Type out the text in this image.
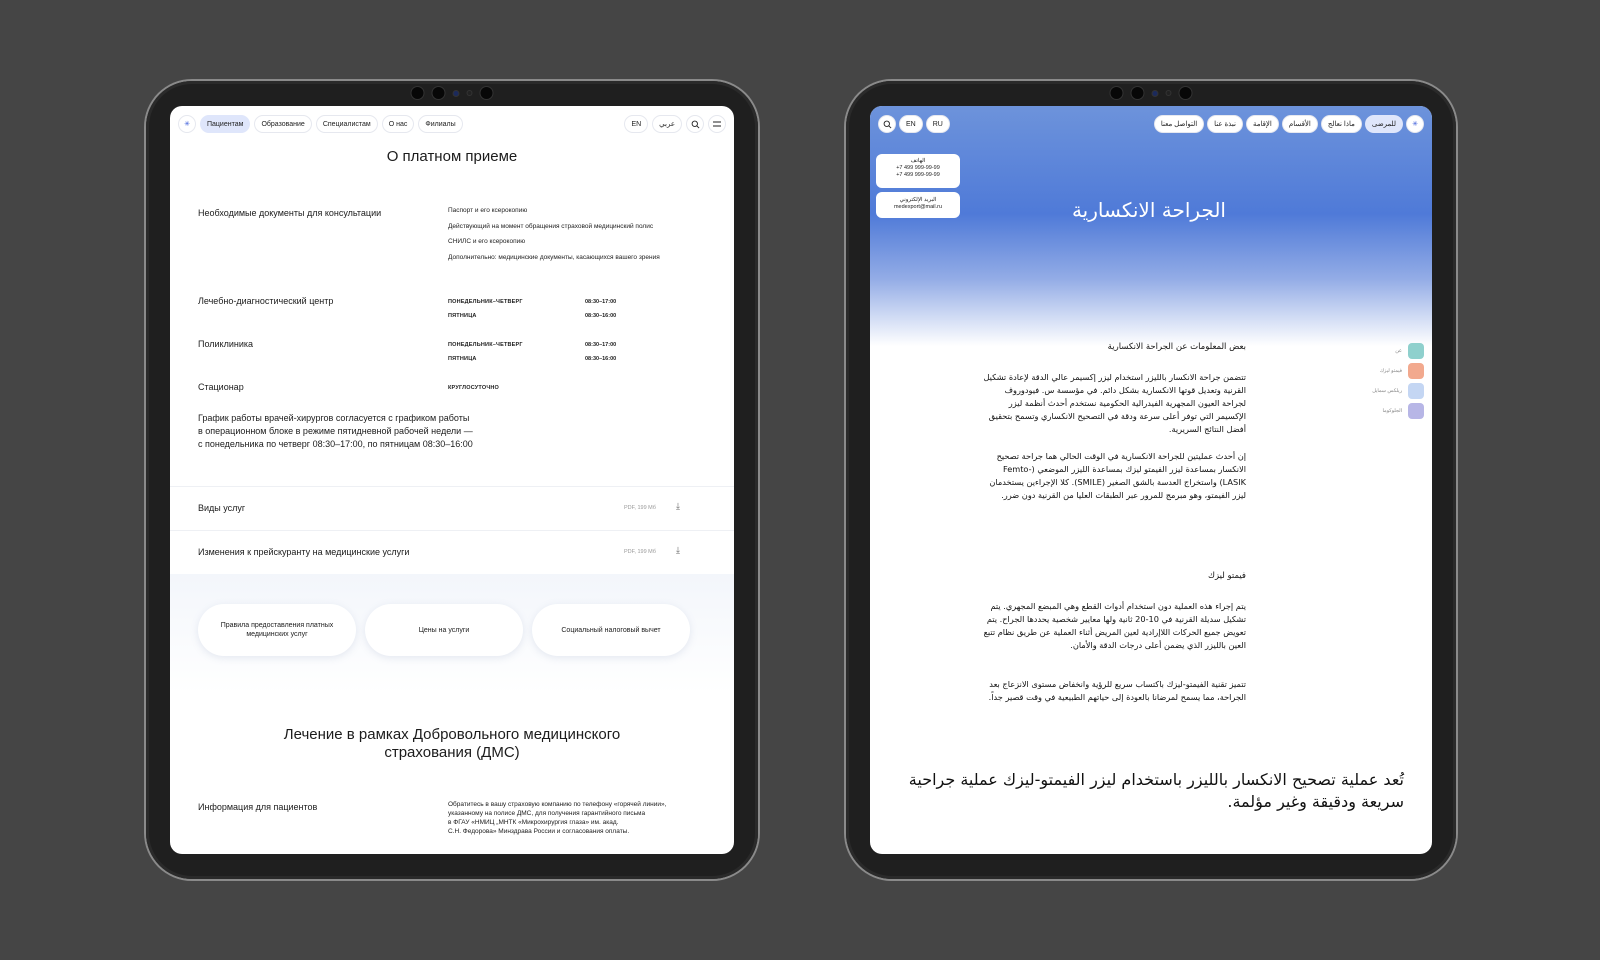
✳	Пациентам	Образование	Специалистам	О нас	Филиалы	EN	عربي
О платном приеме
Необходимые документы для консультации	Паспорт и его ксерокопию
Действующий на момент обращения страховой медицинский полис
СНИЛС и его ксерокопию
Дополнительно: медицинские документы, касающихся вашего зрения
Лечебно-диагностический центр	ПОНЕДЕЛЬНИК–ЧЕТВЕРГ	08:30–17:00
ПЯТНИЦА	08:30–16:00
Поликлиника	ПОНЕДЕЛЬНИК–ЧЕТВЕРГ	08:30–17:00
ПЯТНИЦА	08:30–16:00
Стационар	КРУГЛОСУТОЧНО
График работы врачей-хирургов согласуется с графиком работы
в операционном блоке в режиме пятидневной рабочей недели —
с понедельника по четверг 08:30–17:00, по пятницам 08:30–16:00
Виды услуг	PDF, 199 Мб ⤓
Изменения к прейскуранту на медицинские услуги	PDF, 199 Мб ⤓
Правила предоставления платных медицинских услуг
Цены на услуги	Социальный налоговый вычет
Лечение в рамках Добровольного медицинского
страхования (ДМС)
Информация для пациентов	Обратитесь в вашу страховую компанию по телефону «горячей линии»,
указанному на полисе ДМС, для получения гарантийного письма
в ФГАУ «НМИЦ „МНТК «Микрохирургия глаза» им. акад.
С.Н. Федорова» Минздрава России и согласования оплаты.
EN	RU	التواصل معنا	نبذة عنا	الإقامة	الأقسام	ماذا نعالج	للمرضى	✳
الهاتف
+7 499 999-99-99
+7 499 999-99-99
البريد الإلكتروني
medexport@mail.ru	الجراحة الانكسارية
بعض المعلومات عن الجراحة الانكسارية
تتضمن جراحة الانكسار بالليزر استخدام ليزر إكسيمر عالي الدقة لإعادة تشكيل القرنية وتعديل قوتها الانكسارية بشكل دائم. في مؤسسة س. فيودوروف لجراحة العيون المجهرية الفيدرالية الحكومية نستخدم أحدث أنظمة ليزر الإكسيمر التي توفر أعلى سرعة ودقة في التصحيح الانكساري وتسمح بتحقيق أفضل النتائج السريرية.
إن أحدث عمليتين للجراحة الانكسارية في الوقت الحالي هما جراحة تصحيح الانكسار بمساعدة ليزر الفيمتو ليزك بمساعدة الليزر الموضعي (Femto-LASIK) واستخراج العدسة بالشق الصغير (SMILE). كلا الإجراءين يستخدمان ليزر الفيمتو، وهو مبرمج للمرور عبر الطبقات العليا من القرنية دون ضرر.
فيمتو ليزك
يتم إجراء هذه العملية دون استخدام أدوات القطع وهي المبضع المجهري. يتم تشكيل سديلة القرنية في 10-20 ثانية ولها معايير شخصية يحددها الجراح. يتم تعويض جميع الحركات اللاإرادية لعين المريض أثناء العملية عن طريق نظام تتبع العين بالليزر الذي يضمن أعلى درجات الدقة والأمان.
تتميز تقنية الفيمتو-ليزك باكتساب سريع للرؤية وانخفاض مستوى الانزعاج بعد الجراحة، مما يسمح لمرضانا بالعودة إلى حياتهم الطبيعية في وقت قصير جداً.
تُعد عملية تصحيح الانكسار بالليزر باستخدام ليزر الفيمتو-ليزك عملية جراحية سريعة ودقيقة وغير مؤلمة.
عن
فيمتو ليزك
ريلكس سمايل
الجلوكوما
